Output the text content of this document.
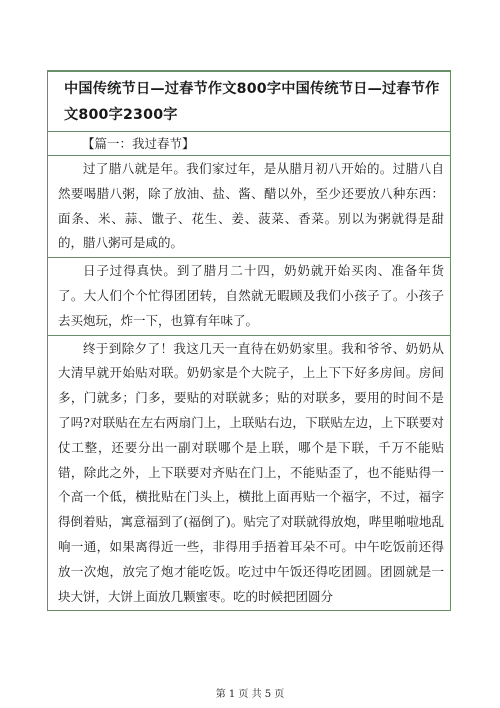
中国传统节日—过春节作文800字中国传统节日—过春节作文800字2300字
【篇一：我过春节】
过了腊八就是年。我们家过年，是从腊月初八开始的。过腊八自然要喝腊八粥，除了放油、盐、酱、醋以外，至少还要放八种东西：面条、米、蒜、馓子、花生、姜、菠菜、香菜。别以为粥就得是甜的，腊八粥可是咸的。
日子过得真快。到了腊月二十四，奶奶就开始买肉、准备年货了。大人们个个忙得团团转，自然就无暇顾及我们小孩子了。小孩子去买炮玩，炸一下，也算有年味了。
终于到除夕了！我这几天一直待在奶奶家里。我和爷爷、奶奶从大清早就开始贴对联。奶奶家是个大院子，上上下下好多房间。房间多，门就多；门多，要贴的对联就多；贴的对联多，要用的时间不是了吗?对联贴在左右两扇门上，上联贴右边，下联贴左边，上下联要对仗工整，还要分出一副对联哪个是上联，哪个是下联，千万不能贴错，除此之外，上下联要对齐贴在门上，不能贴歪了，也不能贴得一个高一个低，横批贴在门头上，横批上面再贴一个福字，不过，福字得倒着贴，寓意福到了(福倒了)。贴完了对联就得放炮，哔里啪啦地乱响一通，如果离得近一些，非得用手捂着耳朵不可。中午吃饭前还得放一次炮，放完了炮才能吃饭。吃过中午饭还得吃团圆。团圆就是一块大饼，大饼上面放几颗蜜枣。吃的时候把团圆分
第 1 页 共 5 页
